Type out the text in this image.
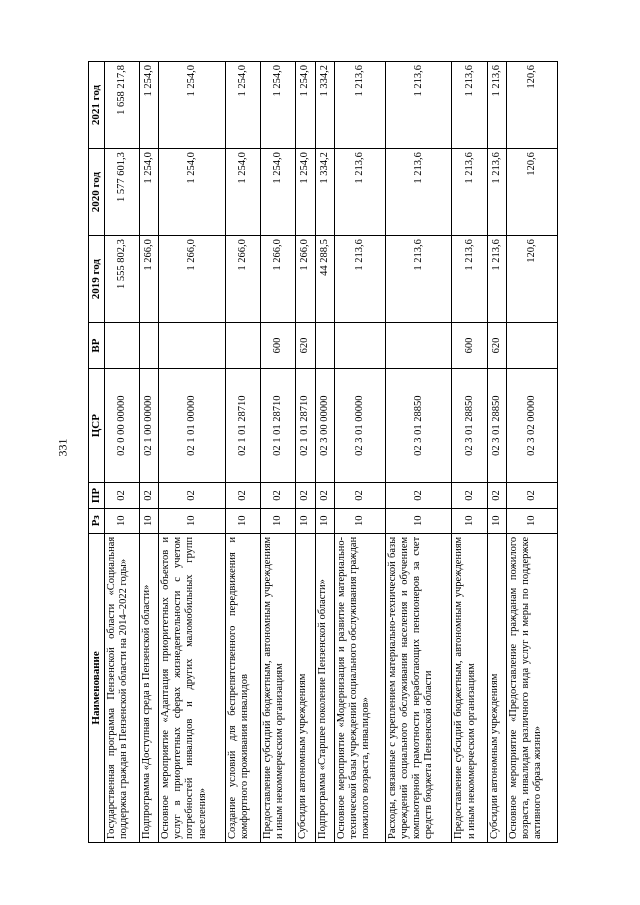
331
Наименование	Рз	ПР	ЦСР	ВР	2019 год	2020 год	2021 год
Государственная программа Пензенской области «Социальная поддержка граждан в Пензенской области на 2014–2022 годы»	10	02	02 0 00 00000		1 555 802,3	1 577 601,3	1 658 217,8
Подпрограмма «Доступная среда в Пензенской области»	10	02	02 1 00 00000		1 266,0	1 254,0	1 254,0
Основное мероприятие «Адаптация приоритетных объектов и услуг в приоритетных сферах жизнедеятельности с учетом потребностей инвалидов и других маломобильных групп населения»	10	02	02 1 01 00000		1 266,0	1 254,0	1 254,0
Создание условий для беспрепятственного передвижения и комфортного проживания инвалидов	10	02	02 1 01 28710		1 266,0	1 254,0	1 254,0
Предоставление субсидий бюджетным, автономным учреждениям и иным некоммерческим организациям	10	02	02 1 01 28710	600	1 266,0	1 254,0	1 254,0
Субсидии автономным учреждениям	10	02	02 1 01 28710	620	1 266,0	1 254,0	1 254,0
Подпрограмма «Старшее поколение Пензенской области»	10	02	02 3 00 00000		44 288,5	1 334,2	1 334,2
Основное мероприятие «Модернизация и развитие материально-технической базы учреждений социального обслуживания граждан пожилого возраста, инвалидов»	10	02	02 3 01 00000		1 213,6	1 213,6	1 213,6
Расходы, связанные с укреплением материально-технической базы учреждений социального обслуживания населения и обучением компьютерной грамотности неработающих пенсионеров за счет средств бюджета Пензенской области	10	02	02 3 01 28850		1 213,6	1 213,6	1 213,6
Предоставление субсидий бюджетным, автономным учреждениям и иным некоммерческим организациям	10	02	02 3 01 28850	600	1 213,6	1 213,6	1 213,6
Субсидии автономным учреждениям	10	02	02 3 01 28850	620	1 213,6	1 213,6	1 213,6
Основное мероприятие «Предоставление гражданам пожилого возраста, инвалидам различного вида услуг и меры по поддержке активного образа жизни»	10	02	02 3 02 00000		120,6	120,6	120,6
